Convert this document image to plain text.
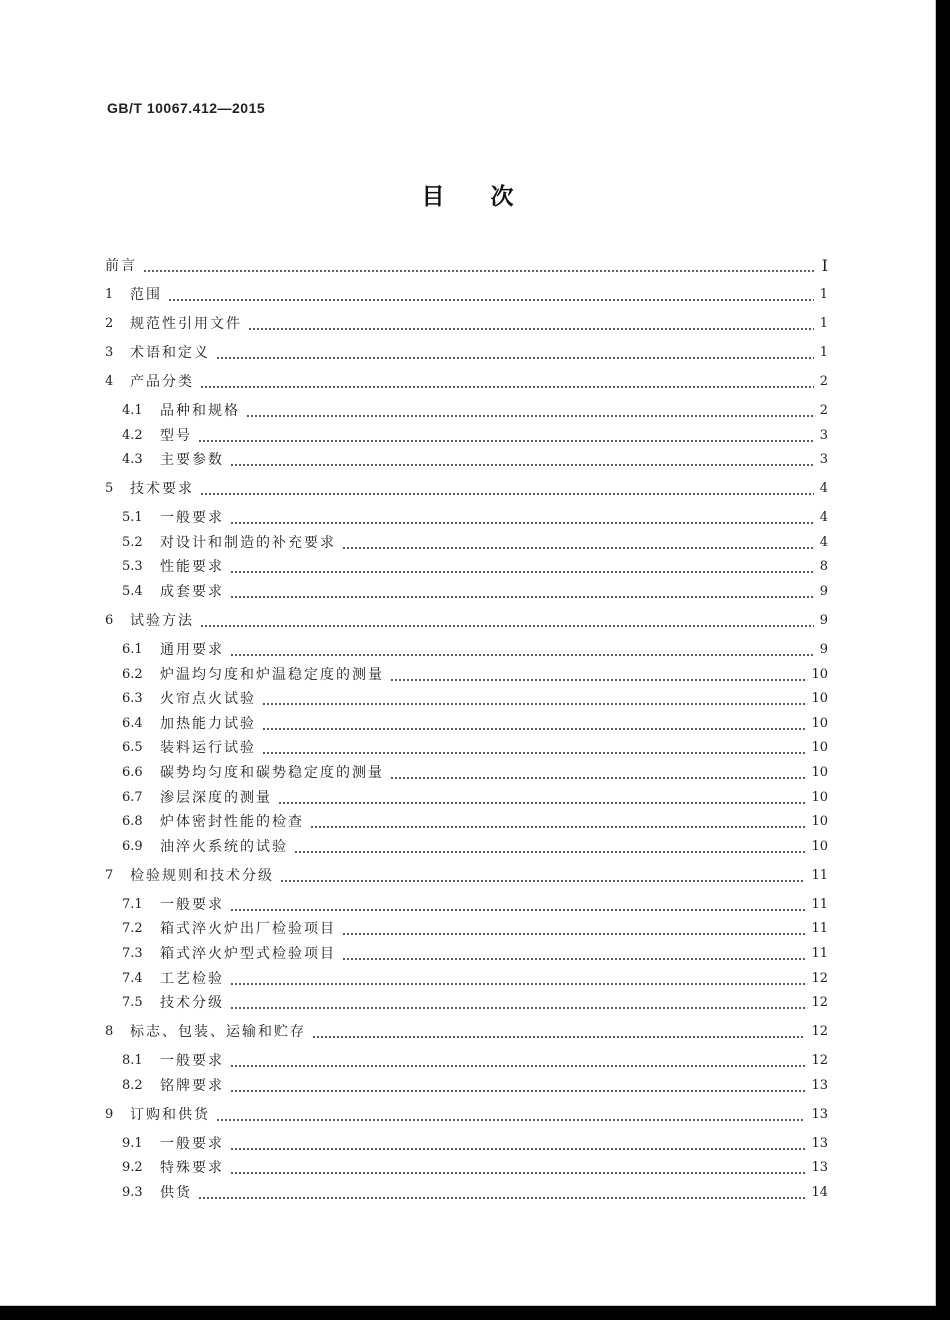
GB/T 10067.412—2015
目次
前言	Ⅰ
1	范围	1
2	规范性引用文件	1
3	术语和定义	1
4	产品分类	2
4.1	品种和规格	2
4.2	型号	3
4.3	主要参数	3
5	技术要求	4
5.1	一般要求	4
5.2	对设计和制造的补充要求	4
5.3	性能要求	8
5.4	成套要求	9
6	试验方法	9
6.1	通用要求	9
6.2	炉温均匀度和炉温稳定度的测量	10
6.3	火帘点火试验	10
6.4	加热能力试验	10
6.5	装料运行试验	10
6.6	碳势均匀度和碳势稳定度的测量	10
6.7	渗层深度的测量	10
6.8	炉体密封性能的检查	10
6.9	油淬火系统的试验	10
7	检验规则和技术分级	11
7.1	一般要求	11
7.2	箱式淬火炉出厂检验项目	11
7.3	箱式淬火炉型式检验项目	11
7.4	工艺检验	12
7.5	技术分级	12
8	标志、包装、运输和贮存	12
8.1	一般要求	12
8.2	铭牌要求	13
9	订购和供货	13
9.1	一般要求	13
9.2	特殊要求	13
9.3	供货	14
